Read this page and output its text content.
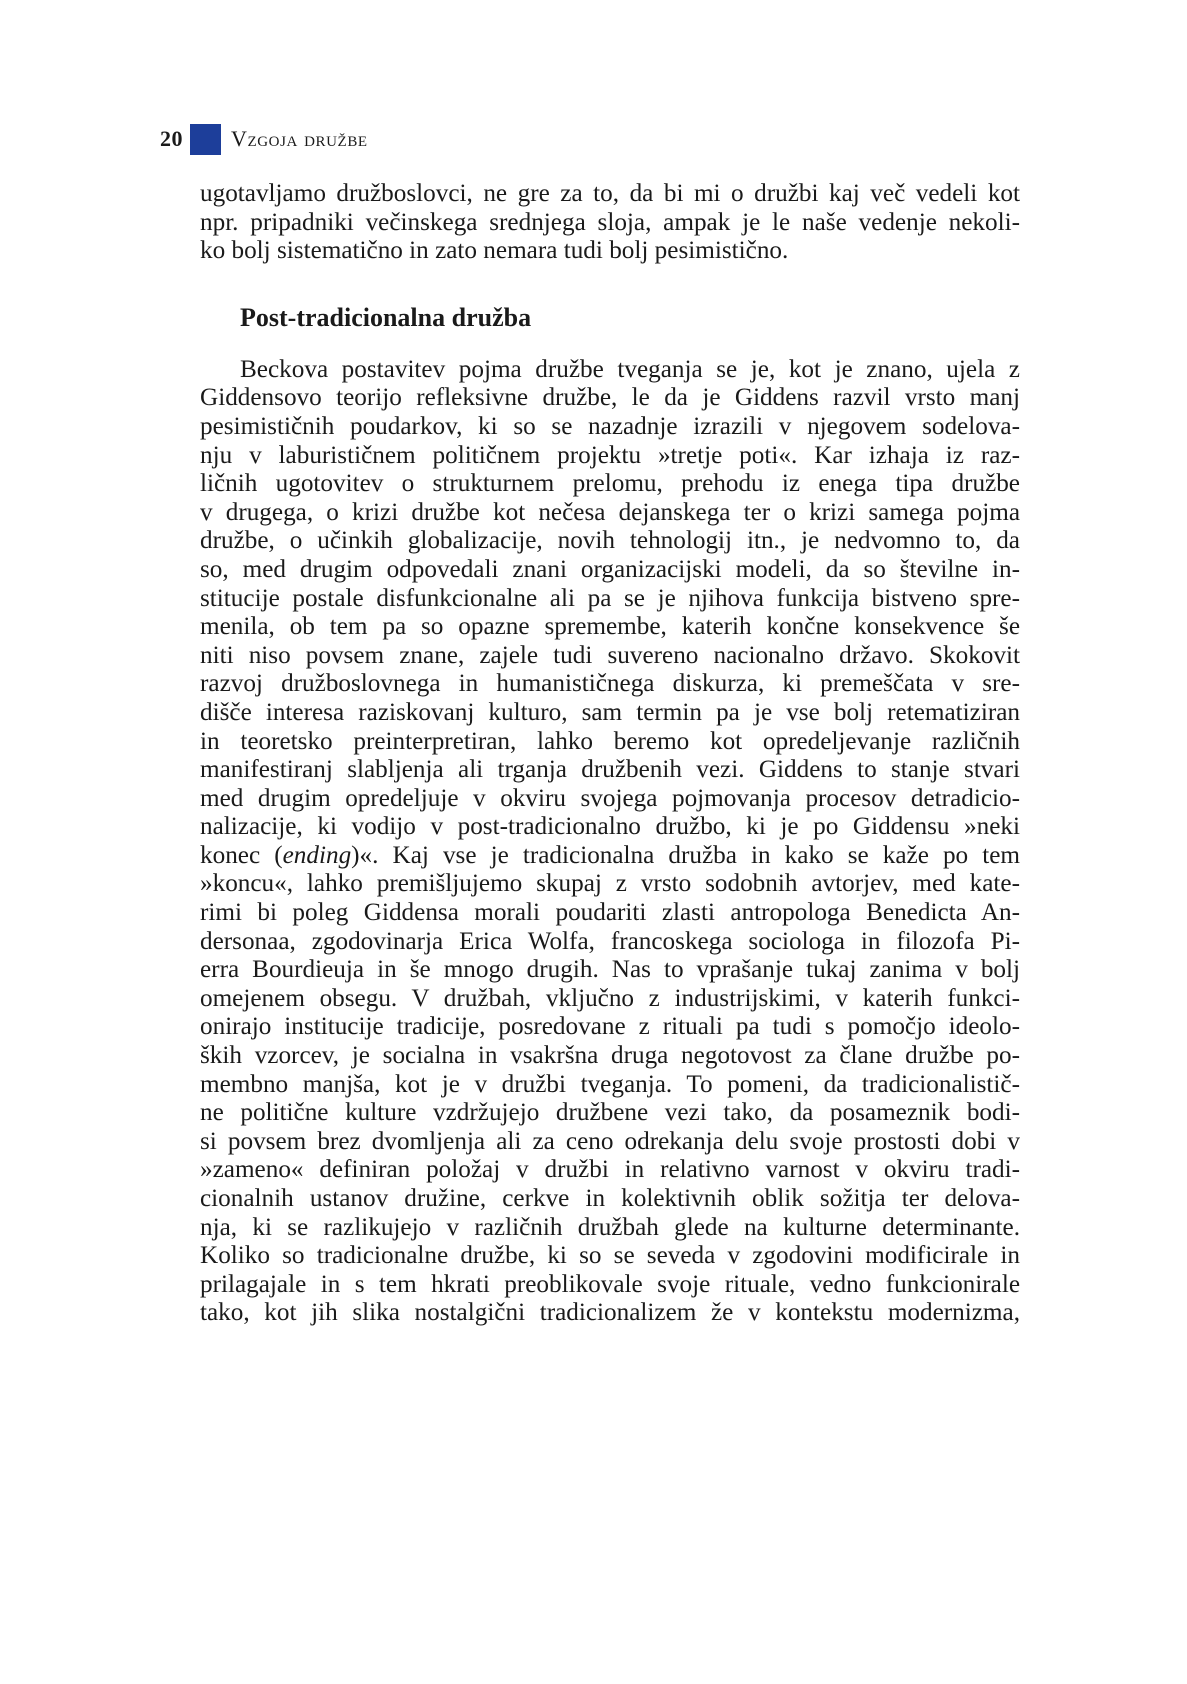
20 Vzgoja družbe
ugotavljamo družboslovci, ne gre za to, da bi mi o družbi kaj več vedeli kot
npr. pripadniki večinskega srednjega sloja, ampak je le naše vedenje nekoli-
ko bolj sistematično in zato nemara tudi bolj pesimistično.
Post-tradicionalna družba
Beckova postavitev pojma družbe tveganja se je, kot je znano, ujela z
Giddensovo teorijo refleksivne družbe, le da je Giddens razvil vrsto manj
pesimističnih poudarkov, ki so se nazadnje izrazili v njegovem sodelova-
nju v laburističnem političnem projektu »tretje poti«. Kar izhaja iz raz-
ličnih ugotovitev o strukturnem prelomu, prehodu iz enega tipa družbe
v drugega, o krizi družbe kot nečesa dejanskega ter o krizi samega pojma
družbe, o učinkih globalizacije, novih tehnologij itn., je nedvomno to, da
so, med drugim odpovedali znani organizacijski modeli, da so številne in-
stitucije postale disfunkcionalne ali pa se je njihova funkcija bistveno spre-
menila, ob tem pa so opazne spremembe, katerih končne konsekvence še
niti niso povsem znane, zajele tudi suvereno nacionalno državo. Skokovit
razvoj družboslovnega in humanističnega diskurza, ki premeščata v sre-
dišče interesa raziskovanj kulturo, sam termin pa je vse bolj retematiziran
in teoretsko preinterpretiran, lahko beremo kot opredeljevanje različnih
manifestiranj slabljenja ali trganja družbenih vezi. Giddens to stanje stvari
med drugim opredeljuje v okviru svojega pojmovanja procesov detradicio-
nalizacije, ki vodijo v post-tradicionalno družbo, ki je po Giddensu »neki
konec (ending)«. Kaj vse je tradicionalna družba in kako se kaže po tem
»koncu«, lahko premišljujemo skupaj z vrsto sodobnih avtorjev, med kate-
rimi bi poleg Giddensa morali poudariti zlasti antropologa Benedicta An-
dersonaa, zgodovinarja Erica Wolfa, francoskega sociologa in filozofa Pi-
erra Bourdieuja in še mnogo drugih. Nas to vprašanje tukaj zanima v bolj
omejenem obsegu. V družbah, vključno z industrijskimi, v katerih funkci-
onirajo institucije tradicije, posredovane z rituali pa tudi s pomočjo ideolo-
ških vzorcev, je socialna in vsakršna druga negotovost za člane družbe po-
membno manjša, kot je v družbi tveganja. To pomeni, da tradicionalistič-
ne politične kulture vzdržujejo družbene vezi tako, da posameznik bodi-
si povsem brez dvomljenja ali za ceno odrekanja delu svoje prostosti dobi v
»zameno« definiran položaj v družbi in relativno varnost v okviru tradi-
cionalnih ustanov družine, cerkve in kolektivnih oblik sožitja ter delova-
nja, ki se razlikujejo v različnih družbah glede na kulturne determinante.
Koliko so tradicionalne družbe, ki so se seveda v zgodovini modificirale in
prilagajale in s tem hkrati preoblikovale svoje rituale, vedno funkcionirale
tako, kot jih slika nostalgični tradicionalizem že v kontekstu modernizma,
